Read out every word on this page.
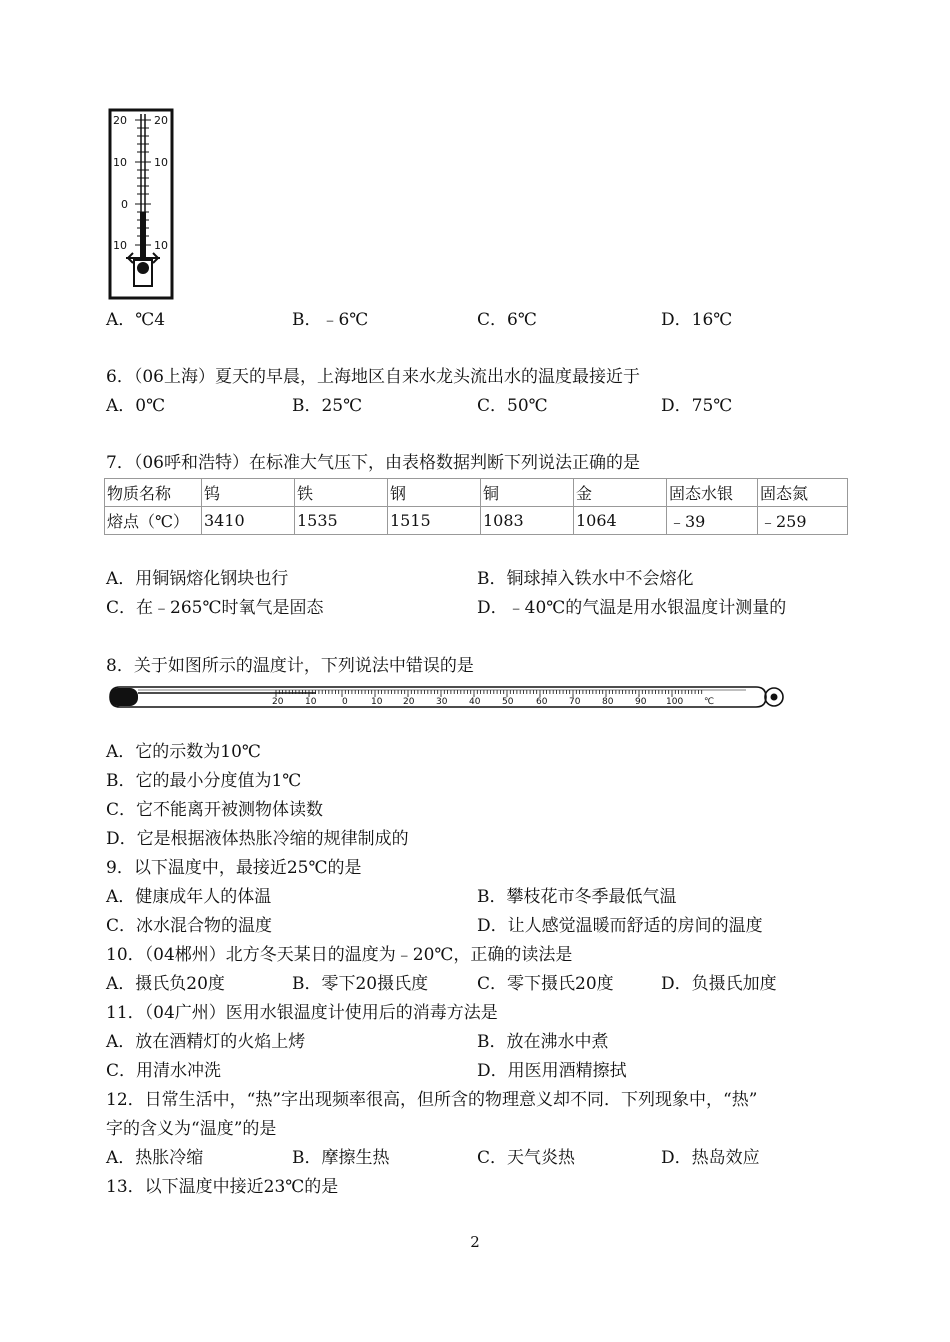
20
10
0
10
20
10
10
A．℃4	B．﹣6℃	C．6℃	D．16℃
6．（06上海）夏天的早晨，上海地区自来水龙头流出水的温度最接近于
A．0℃	B．25℃	C．50℃	D．75℃
7．（06呼和浩特）在标准大气压下，由表格数据判断下列说法正确的是
物质名称	钨	铁	钢	铜	金	固态水银	固态氮
熔点（℃）	3410	1535	1515	1083	1064	﹣39	﹣259
A．用铜锅熔化钢块也行	B．铜球掉入铁水中不会熔化
C．在﹣265℃时氧气是固态	D．﹣40℃的气温是用水银温度计测量的
8．关于如图所示的温度计，下列说法中错误的是
20 10	0	10 20 30 40 50	60 70 80 90 100 ℃
A．它的示数为10℃
B．它的最小分度值为1℃
C．它不能离开被测物体读数
D．它是根据液体热胀冷缩的规律制成的
9．以下温度中，最接近25℃的是
A．健康成年人的体温	B．攀枝花市冬季最低气温
C．冰水混合物的温度	D．让人感觉温暖而舒适的房间的温度
10．（04郴州）北方冬天某日的温度为﹣20℃，正确的读法是
A．摄氏负20度	B．零下20摄氏度	C．零下摄氏20度	D．负摄氏加度
11．（04广州）医用水银温度计使用后的消毒方法是
A．放在酒精灯的火焰上烤	B．放在沸水中煮
C．用清水冲洗	D．用医用酒精擦拭
12．日常生活中，“热”字出现频率很高，但所含的物理意义却不同．下列现象中，“热”
字的含义为“温度”的是
A．热胀冷缩	B．摩擦生热	C．天气炎热	D．热岛效应
13．以下温度中接近23℃的是
2
